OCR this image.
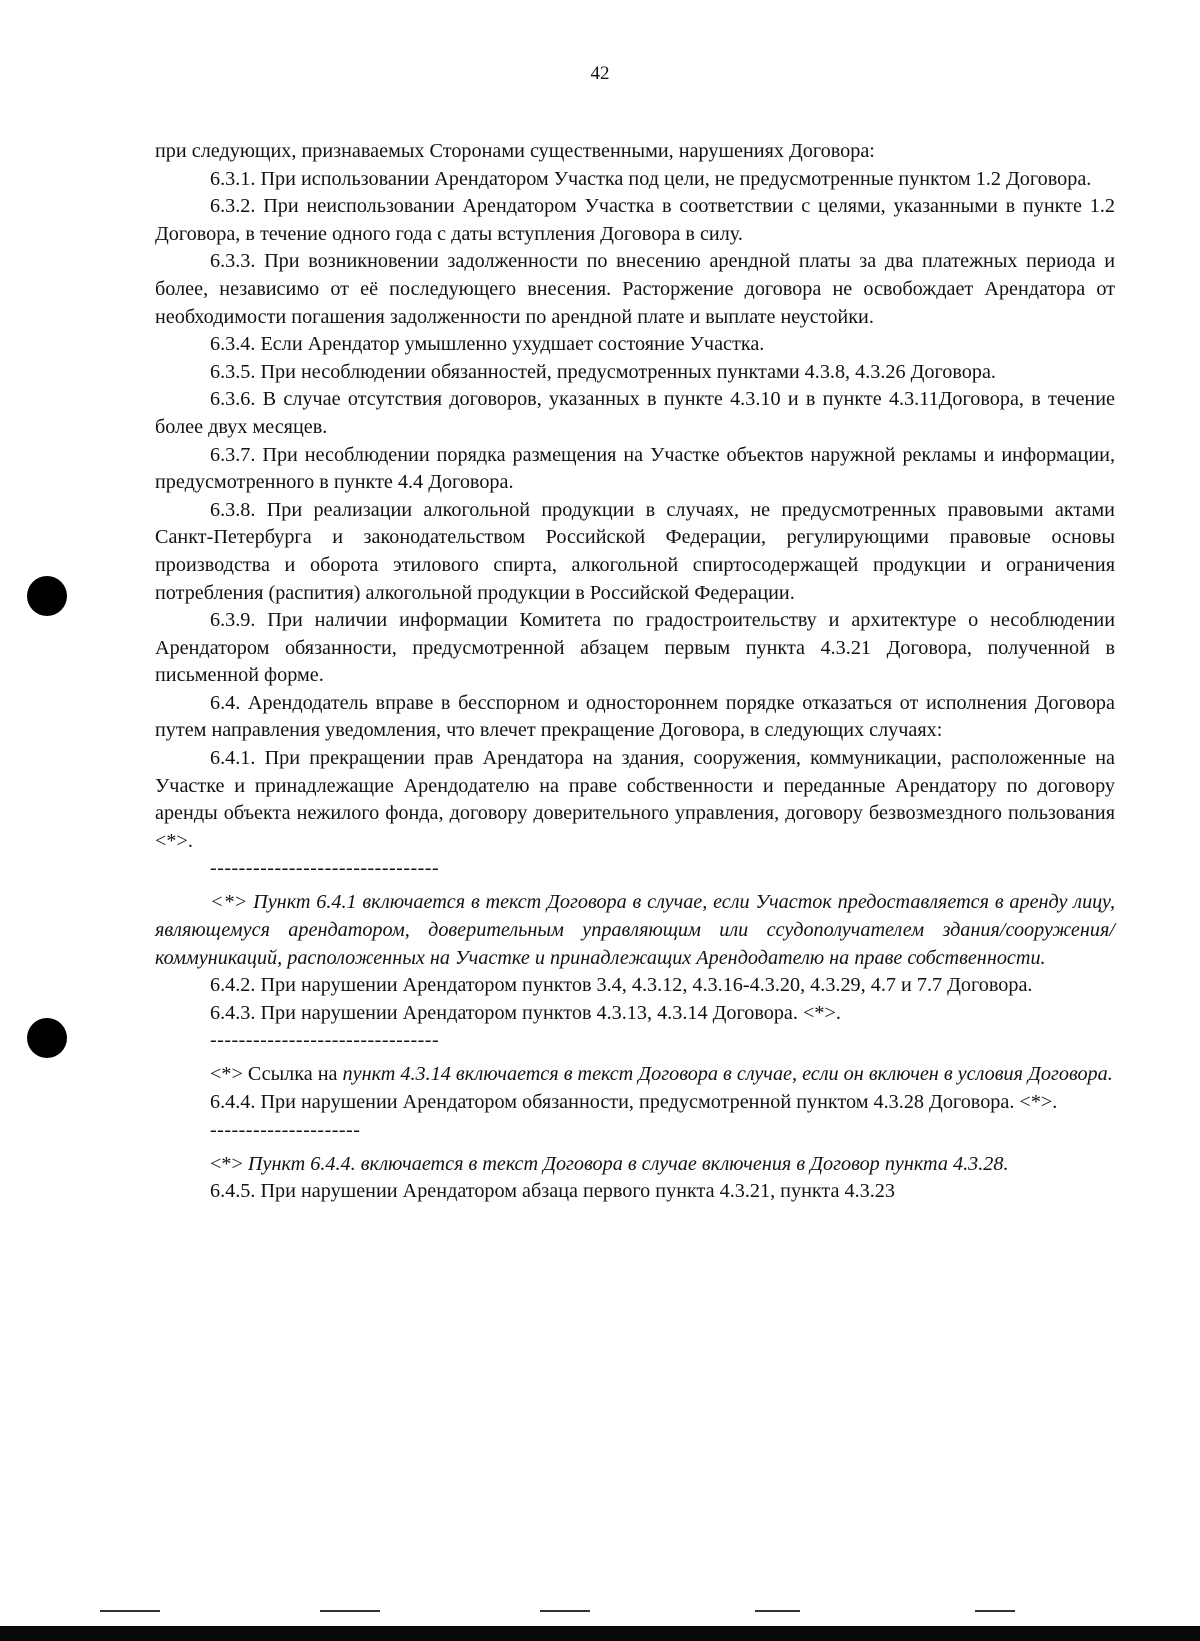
42

при следующих, признаваемых Сторонами существенными, нарушениях Договора:

6.3.1. При использовании Арендатором Участка под цели, не предусмотренные пунктом 1.2 Договора.

6.3.2. При неиспользовании Арендатором Участка в соответствии с целями, указанными в пункте 1.2 Договора, в течение одного года с даты вступления Договора в силу.

6.3.3. При возникновении задолженности по внесению арендной платы за два платежных периода и более, независимо от её последующего внесения. Расторжение договора не освобождает Арендатора от необходимости погашения задолженности по арендной плате и выплате неустойки.

6.3.4. Если Арендатор умышленно ухудшает состояние Участка.

6.3.5. При несоблюдении обязанностей, предусмотренных пунктами 4.3.8, 4.3.26 Договора.

6.3.6. В случае отсутствия договоров, указанных в пункте 4.3.10 и в пункте 4.3.11Договора, в течение более двух месяцев.

6.3.7. При несоблюдении порядка размещения на Участке объектов наружной рекламы и информации, предусмотренного в пункте 4.4 Договора.

6.3.8. При реализации алкогольной продукции в случаях, не предусмотренных правовыми актами Санкт-Петербурга и законодательством Российской Федерации, регулирующими правовые основы производства и оборота этилового спирта, алкогольной спиртосодержащей продукции и ограничения потребления (распития) алкогольной продукции в Российской Федерации.

6.3.9. При наличии информации Комитета по градостроительству и архитектуре о несоблюдении Арендатором обязанности, предусмотренной абзацем первым пункта 4.3.21 Договора, полученной в письменной форме.

6.4. Арендодатель вправе в бесспорном и одностороннем порядке отказаться от исполнения Договора путем направления уведомления, что влечет прекращение Договора, в следующих случаях:

6.4.1. При прекращении прав Арендатора на здания, сооружения, коммуникации, расположенные на Участке и принадлежащие Арендодателю на праве собственности и переданные Арендатору по договору аренды объекта нежилого фонда, договору доверительного управления, договору безвозмездного пользования <*>.

--------------------------------

<*> Пункт 6.4.1 включается в текст Договора в случае, если Участок предоставляется в аренду лицу, являющемуся арендатором, доверительным управляющим или ссудополучателем здания/сооружения/коммуникаций, расположенных на Участке и принадлежащих Арендодателю на праве собственности.

6.4.2. При нарушении Арендатором пунктов 3.4, 4.3.12, 4.3.16-4.3.20, 4.3.29, 4.7 и 7.7 Договора.

6.4.3. При нарушении Арендатором пунктов 4.3.13, 4.3.14 Договора. <*>.

--------------------------------

<*> Ссылка на пункт 4.3.14 включается в текст Договора в случае, если он включен в условия Договора.

6.4.4. При нарушении Арендатором обязанности, предусмотренной пунктом 4.3.28 Договора. <*>.

---------------------

<*> Пункт 6.4.4. включается в текст Договора в случае включения в Договор пункта 4.3.28.

6.4.5. При нарушении Арендатором абзаца первого пункта 4.3.21, пункта 4.3.23
